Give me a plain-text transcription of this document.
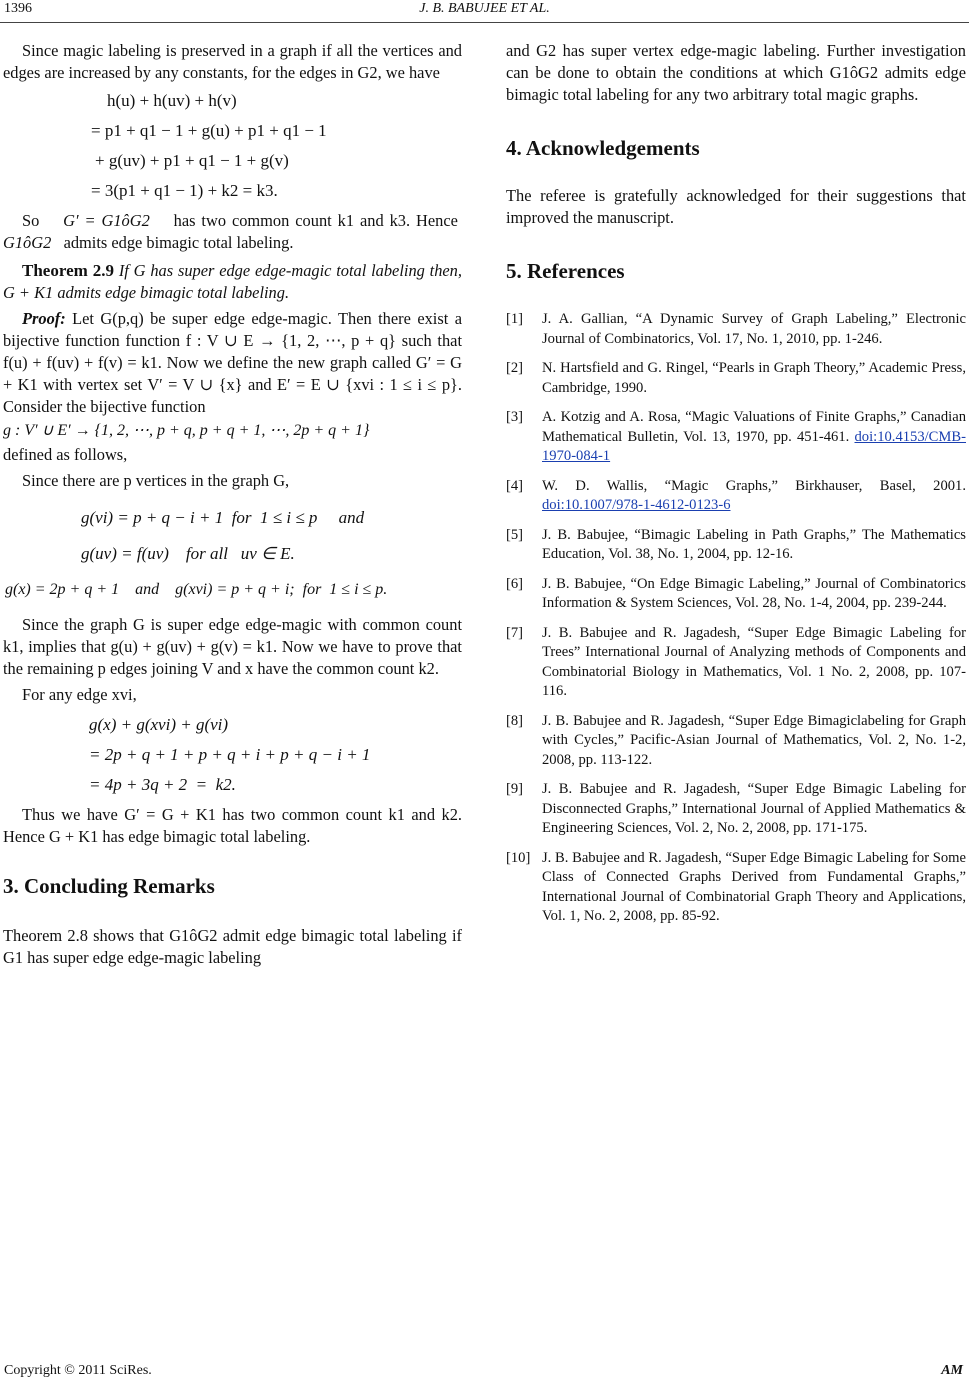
1396	J. B. BABUJEE ET AL.

Since magic labeling is preserved in a graph if all the vertices and edges are increased by any constants, for the edges in G2, we have

h(u) + h(uv) + h(v)
= p1 + q1 − 1 + g(u) + p1 + q1 − 1
+ g(uv) + p1 + q1 − 1 + g(v)
= 3(p1 + q1 − 1) + k2 = k3.

So G′ = G1ôG2 has two common count k1 and k3. Hence  G1ôG2 admits edge bimagic total labeling.

Theorem 2.9 If G has super edge edge-magic total labeling then, G + K1 admits edge bimagic total labeling.

Proof: Let G(p,q) be super edge edge-magic. Then there exist a bijective function function f : V ∪ E → {1, 2, ⋯, p + q} such that f(u) + f(uv) + f(v) = k1. Now we define the new graph called G′ = G + K1 with vertex set V′ = V ∪ {x} and E′ = E ∪ {xvi : 1 ≤ i ≤ p}. Consider the bijective function

g : V′ ∪ E′ → {1, 2, ⋯, p + q, p + q + 1, ⋯, 2p + q + 1}

defined as follows,

Since there are p vertices in the graph G,

g(vi) = p + q − i + 1  for  1 ≤ i ≤ p     and
g(uv) = f(uv)    for all   uv ∈ E.
g(x) = 2p + q + 1    and    g(xvi) = p + q + i;  for  1 ≤ i ≤ p.

Since the graph G is super edge edge-magic with common count k1, implies that g(u) + g(uv) + g(v) = k1. Now we have to prove that the remaining p edges joining V and x have the common count k2.

For any edge xvi,

g(x) + g(xvi) + g(vi)
= 2p + q + 1 + p + q + i + p + q − i + 1
= 4p + 3q + 2  =  k2.

Thus we have G′ = G + K1 has two common count k1 and k2. Hence G + K1 has edge bimagic total labeling.

3. Concluding Remarks

Theorem 2.8 shows that G1ôG2 admit edge bimagic total labeling if G1 has super edge edge-magic labeling

and G2 has super vertex edge-magic labeling. Further investigation can be done to obtain the conditions at which G1ôG2 admits edge bimagic total labeling for any two arbitrary total magic graphs.

4. Acknowledgements

The referee is gratefully acknowledged for their suggestions that improved the manuscript.

5. References
[1]	J. A. Gallian, “A Dynamic Survey of Graph Labeling,” Electronic Journal of Combinatorics, Vol. 17, No. 1, 2010, pp. 1-246.
[2]	N. Hartsfield and G. Ringel, “Pearls in Graph Theory,” Academic Press, Cambridge, 1990.
[3]	A. Kotzig and A. Rosa, “Magic Valuations of Finite Graphs,” Canadian Mathematical Bulletin, Vol. 13, 1970, pp. 451-461. doi:10.4153/CMB-1970-084-1
[4]	W. D. Wallis, “Magic Graphs,” Birkhauser, Basel, 2001. doi:10.1007/978-1-4612-0123-6
[5]	J. B. Babujee, “Bimagic Labeling in Path Graphs,” The Mathematics Education, Vol. 38, No. 1, 2004, pp. 12-16.
[6]	J. B. Babujee, “On Edge Bimagic Labeling,” Journal of Combinatorics Information & System Sciences, Vol. 28, No. 1-4, 2004, pp. 239-244.
[7]	J. B. Babujee and R. Jagadesh, “Super Edge Bimagic Labeling for Trees” International Journal of Analyzing methods of Components and Combinatorial Biology in Mathematics, Vol. 1 No. 2, 2008, pp. 107-116.
[8]	J. B. Babujee and R. Jagadesh, “Super Edge Bimagiclabeling for Graph with Cycles,” Pacific-Asian Journal of Mathematics, Vol. 2, No. 1-2, 2008, pp. 113-122.
[9]	J. B. Babujee and R. Jagadesh, “Super Edge Bimagic Labeling for Disconnected Graphs,” International Journal of Applied Mathematics & Engineering Sciences, Vol. 2, No. 2, 2008, pp. 171-175.
[10] J. B. Babujee and R. Jagadesh, “Super Edge Bimagic Labeling for Some Class of Connected Graphs Derived from Fundamental Graphs,” International Journal of Combinatorial Graph Theory and Applications, Vol. 1, No. 2, 2008, pp. 85-92.
Copyright © 2011 SciRes.	AM
